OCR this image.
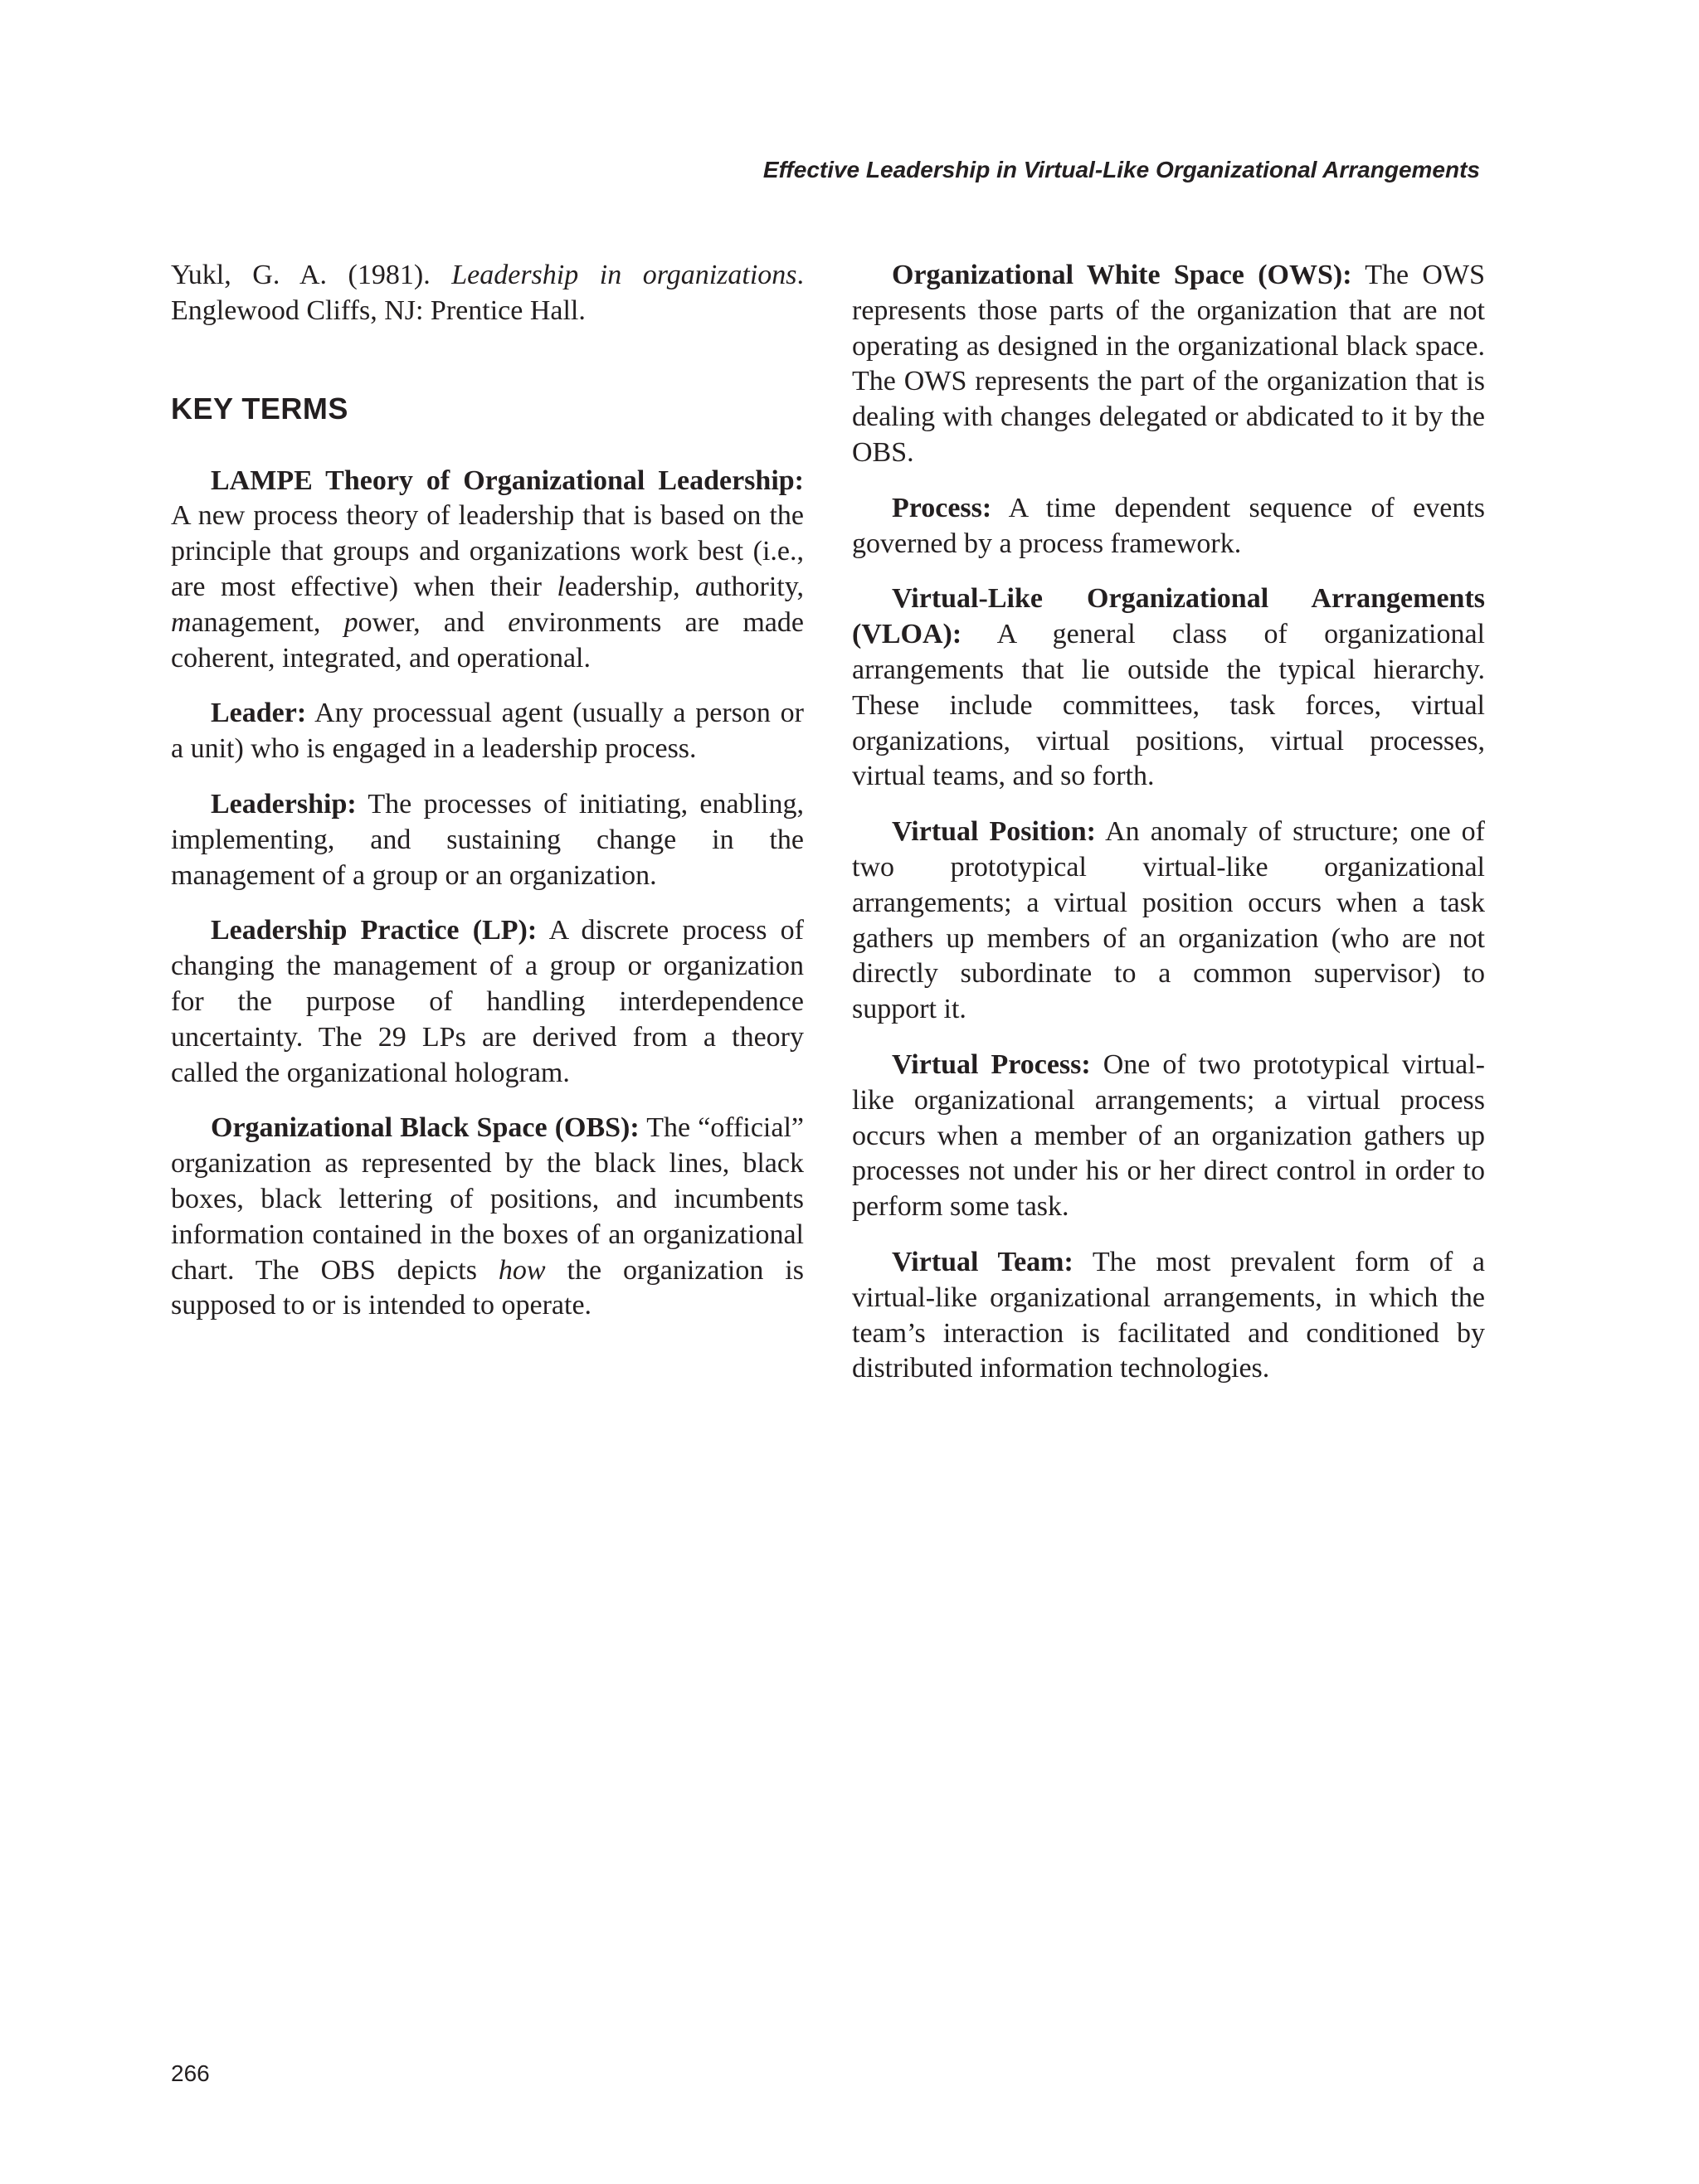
Effective Leadership in Virtual-Like Organizational Arrangements

Yukl, G. A. (1981). Leadership in organizations. Englewood Cliffs, NJ: Prentice Hall.

KEY TERMS

LAMPE Theory of Organizational Leadership: A new process theory of leadership that is based on the principle that groups and organizations work best (i.e., are most effective) when their leadership, authority, management, power, and environments are made coherent, integrated, and operational.

Leader: Any processual agent (usually a person or a unit) who is engaged in a leadership process.

Leadership: The processes of initiating, enabling, implementing, and sustaining change in the management of a group or an organization.

Leadership Practice (LP): A discrete process of changing the management of a group or organization for the purpose of handling interdependence uncertainty. The 29 LPs are derived from a theory called the organizational hologram.

Organizational Black Space (OBS): The “official” organization as represented by the black lines, black boxes, black lettering of positions, and incumbents information contained in the boxes of an organizational chart. The OBS depicts how the organization is supposed to or is intended to operate.

Organizational White Space (OWS): The OWS represents those parts of the organization that are not operating as designed in the organizational black space. The OWS represents the part of the organization that is dealing with changes delegated or abdicated to it by the OBS.

Process: A time dependent sequence of events governed by a process framework.

Virtual-Like Organizational Arrangements (VLOA): A general class of organizational arrangements that lie outside the typical hierarchy. These include committees, task forces, virtual organizations, virtual positions, virtual processes, virtual teams, and so forth.

Virtual Position: An anomaly of structure; one of two prototypical virtual-like organizational arrangements; a virtual position occurs when a task gathers up members of an organization (who are not directly subordinate to a common supervisor) to support it.

Virtual Process: One of two prototypical virtual-like organizational arrangements; a virtual process occurs when a member of an organization gathers up processes not under his or her direct control in order to perform some task.

Virtual Team: The most prevalent form of a virtual-like organizational arrangements, in which the team’s interaction is facilitated and conditioned by distributed information technologies.

266
